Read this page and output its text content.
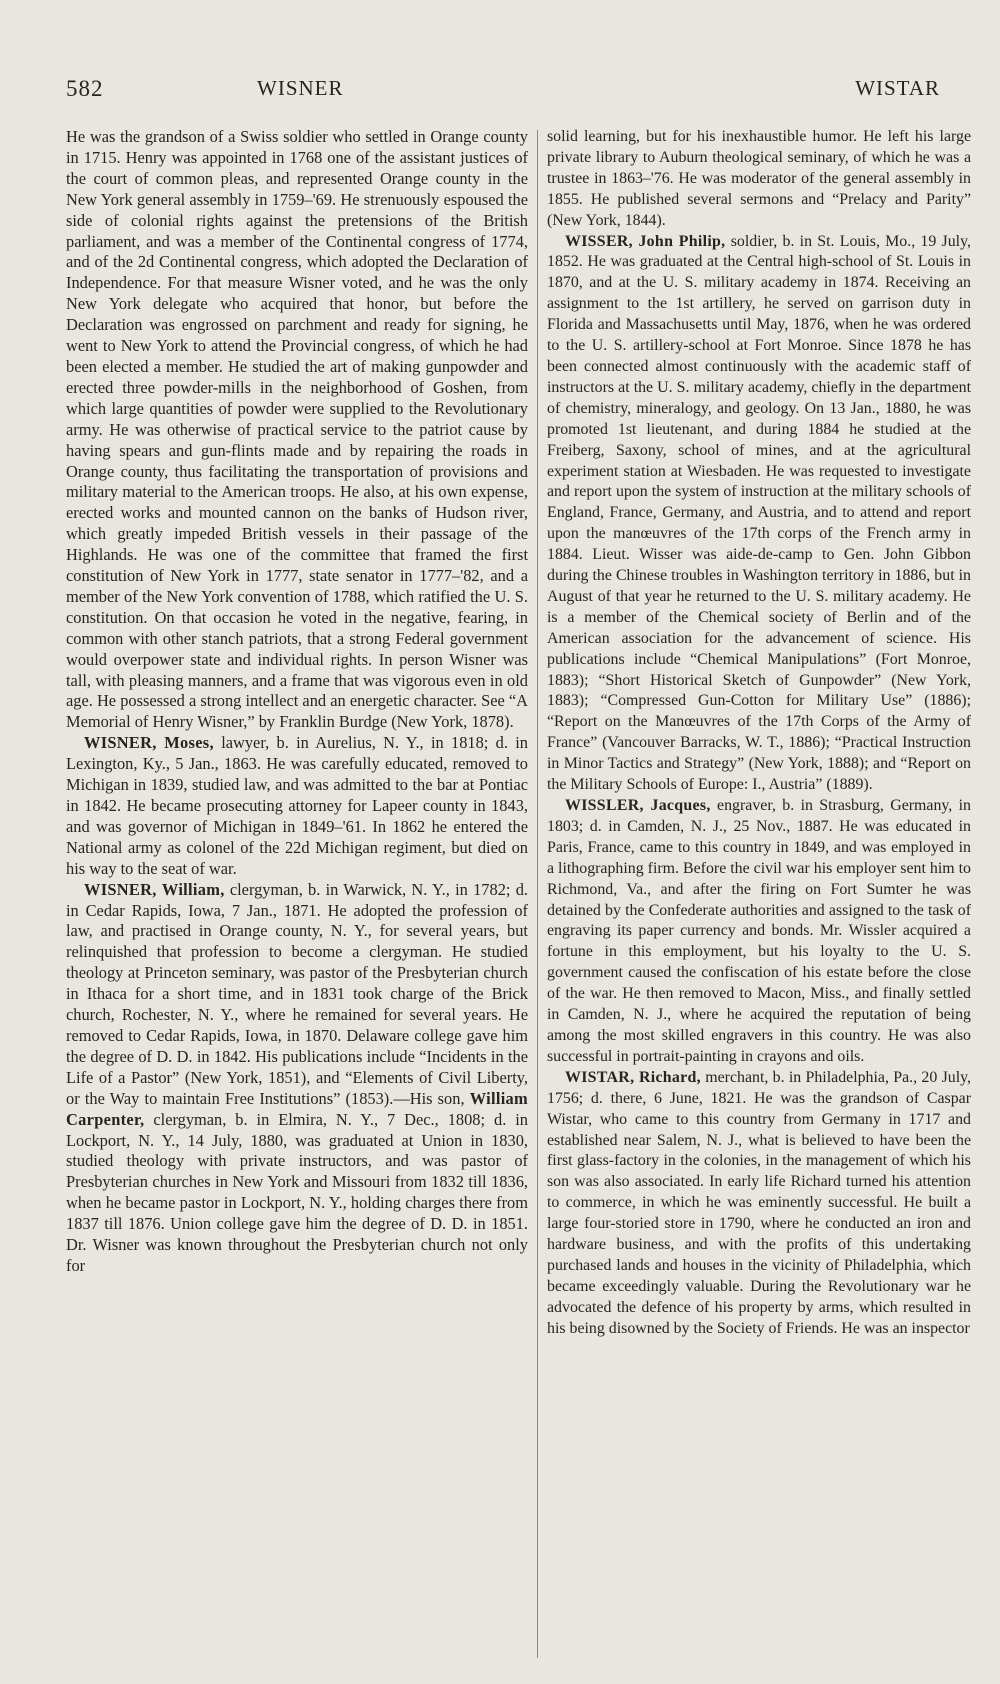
582	WISNER	WISTAR

He was the grandson of a Swiss soldier who settled in Orange county in 1715. Henry was appointed in 1768 one of the assistant justices of the court of common pleas, and represented Orange county in the New York general assembly in 1759–'69. He strenuously espoused the side of colonial rights against the pretensions of the British parliament, and was a member of the Continental congress of 1774, and of the 2d Continental congress, which adopted the Declaration of Independence. For that measure Wisner voted, and he was the only New York delegate who acquired that honor, but before the Declaration was engrossed on parchment and ready for signing, he went to New York to attend the Provincial congress, of which he had been elected a member. He studied the art of making gunpowder and erected three powder-mills in the neighborhood of Goshen, from which large quantities of powder were supplied to the Revolutionary army. He was otherwise of practical service to the patriot cause by having spears and gun-flints made and by repairing the roads in Orange county, thus facilitating the transportation of provisions and military material to the American troops. He also, at his own expense, erected works and mounted cannon on the banks of Hudson river, which greatly impeded British vessels in their passage of the Highlands. He was one of the committee that framed the first constitution of New York in 1777, state senator in 1777–'82, and a member of the New York convention of 1788, which ratified the U. S. constitution. On that occasion he voted in the negative, fearing, in common with other stanch patriots, that a strong Federal government would overpower state and individual rights. In person Wisner was tall, with pleasing manners, and a frame that was vigorous even in old age. He possessed a strong intellect and an energetic character. See “A Memorial of Henry Wisner,” by Franklin Burdge (New York, 1878).

WISNER, Moses, lawyer, b. in Aurelius, N. Y., in 1818; d. in Lexington, Ky., 5 Jan., 1863. He was carefully educated, removed to Michigan in 1839, studied law, and was admitted to the bar at Pontiac in 1842. He became prosecuting attorney for Lapeer county in 1843, and was governor of Michigan in 1849–'61. In 1862 he entered the National army as colonel of the 22d Michigan regiment, but died on his way to the seat of war.

WISNER, William, clergyman, b. in Warwick, N. Y., in 1782; d. in Cedar Rapids, Iowa, 7 Jan., 1871. He adopted the profession of law, and practised in Orange county, N. Y., for several years, but relinquished that profession to become a clergyman. He studied theology at Princeton seminary, was pastor of the Presbyterian church in Ithaca for a short time, and in 1831 took charge of the Brick church, Rochester, N. Y., where he remained for several years. He removed to Cedar Rapids, Iowa, in 1870. Delaware college gave him the degree of D. D. in 1842. His publications include “Incidents in the Life of a Pastor” (New York, 1851), and “Elements of Civil Liberty, or the Way to maintain Free Institutions” (1853).—His son, William Carpenter, clergyman, b. in Elmira, N. Y., 7 Dec., 1808; d. in Lockport, N. Y., 14 July, 1880, was graduated at Union in 1830, studied theology with private instructors, and was pastor of Presbyterian churches in New York and Missouri from 1832 till 1836, when he became pastor in Lockport, N. Y., holding charges there from 1837 till 1876. Union college gave him the degree of D. D. in 1851. Dr. Wisner was known throughout the Presbyterian church not only for

solid learning, but for his inexhaustible humor. He left his large private library to Auburn theological seminary, of which he was a trustee in 1863–'76. He was moderator of the general assembly in 1855. He published several sermons and “Prelacy and Parity” (New York, 1844).

WISSER, John Philip, soldier, b. in St. Louis, Mo., 19 July, 1852. He was graduated at the Central high-school of St. Louis in 1870, and at the U. S. military academy in 1874. Receiving an assignment to the 1st artillery, he served on garrison duty in Florida and Massachusetts until May, 1876, when he was ordered to the U. S. artillery-school at Fort Monroe. Since 1878 he has been connected almost continuously with the academic staff of instructors at the U. S. military academy, chiefly in the department of chemistry, mineralogy, and geology. On 13 Jan., 1880, he was promoted 1st lieutenant, and during 1884 he studied at the Freiberg, Saxony, school of mines, and at the agricultural experiment station at Wiesbaden. He was requested to investigate and report upon the system of instruction at the military schools of England, France, Germany, and Austria, and to attend and report upon the manœuvres of the 17th corps of the French army in 1884. Lieut. Wisser was aide-de-camp to Gen. John Gibbon during the Chinese troubles in Washington territory in 1886, but in August of that year he returned to the U. S. military academy. He is a member of the Chemical society of Berlin and of the American association for the advancement of science. His publications include “Chemical Manipulations” (Fort Monroe, 1883); “Short Historical Sketch of Gunpowder” (New York, 1883); “Compressed Gun-Cotton for Military Use” (1886); “Report on the Manœuvres of the 17th Corps of the Army of France” (Vancouver Barracks, W. T., 1886); “Practical Instruction in Minor Tactics and Strategy” (New York, 1888); and “Report on the Military Schools of Europe: I., Austria” (1889).

WISSLER, Jacques, engraver, b. in Strasburg, Germany, in 1803; d. in Camden, N. J., 25 Nov., 1887. He was educated in Paris, France, came to this country in 1849, and was employed in a lithographing firm. Before the civil war his employer sent him to Richmond, Va., and after the firing on Fort Sumter he was detained by the Confederate authorities and assigned to the task of engraving its paper currency and bonds. Mr. Wissler acquired a fortune in this employment, but his loyalty to the U. S. government caused the confiscation of his estate before the close of the war. He then removed to Macon, Miss., and finally settled in Camden, N. J., where he acquired the reputation of being among the most skilled engravers in this country. He was also successful in portrait-painting in crayons and oils.

WISTAR, Richard, merchant, b. in Philadelphia, Pa., 20 July, 1756; d. there, 6 June, 1821. He was the grandson of Caspar Wistar, who came to this country from Germany in 1717 and established near Salem, N. J., what is believed to have been the first glass-factory in the colonies, in the management of which his son was also associated. In early life Richard turned his attention to commerce, in which he was eminently successful. He built a large four-storied store in 1790, where he conducted an iron and hardware business, and with the profits of this undertaking purchased lands and houses in the vicinity of Philadelphia, which became exceedingly valuable. During the Revolutionary war he advocated the defence of his property by arms, which resulted in his being disowned by the Society of Friends. He was an inspector
